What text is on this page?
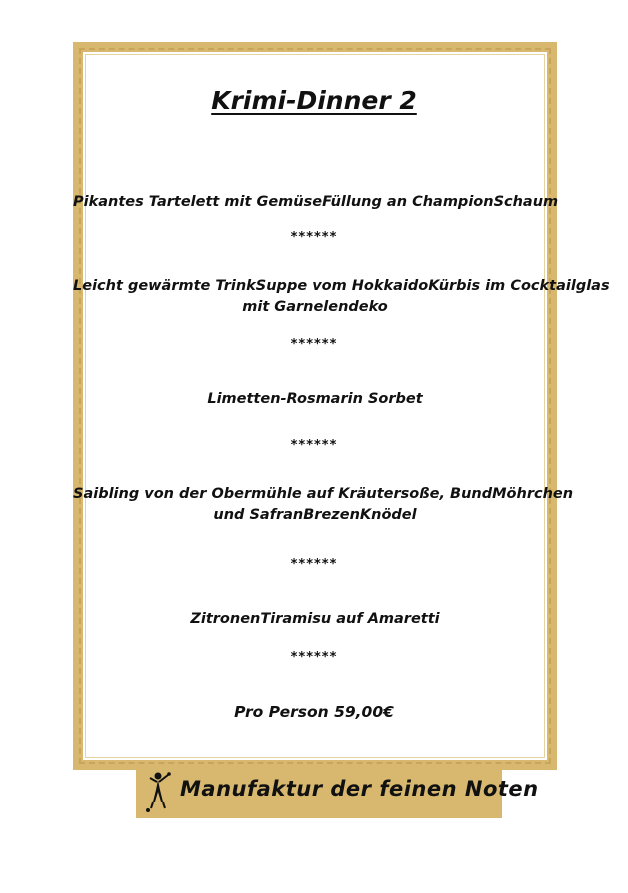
Krimi-Dinner 2
Pikantes Tartelett mit GemüseFüllung an ChampionSchaum
******
Leicht gewärmte TrinkSuppe vom HokkaidoKürbis im Cocktailglas
mit Garnelendeko
******
Limetten-Rosmarin Sorbet
******
Saibling von der Obermühle auf Kräutersoße, BundMöhrchen
und SafranBrezenKnödel
******
ZitronenTiramisu auf Amaretti
******
Pro Person 59,00€
Manufaktur der feinen Noten
